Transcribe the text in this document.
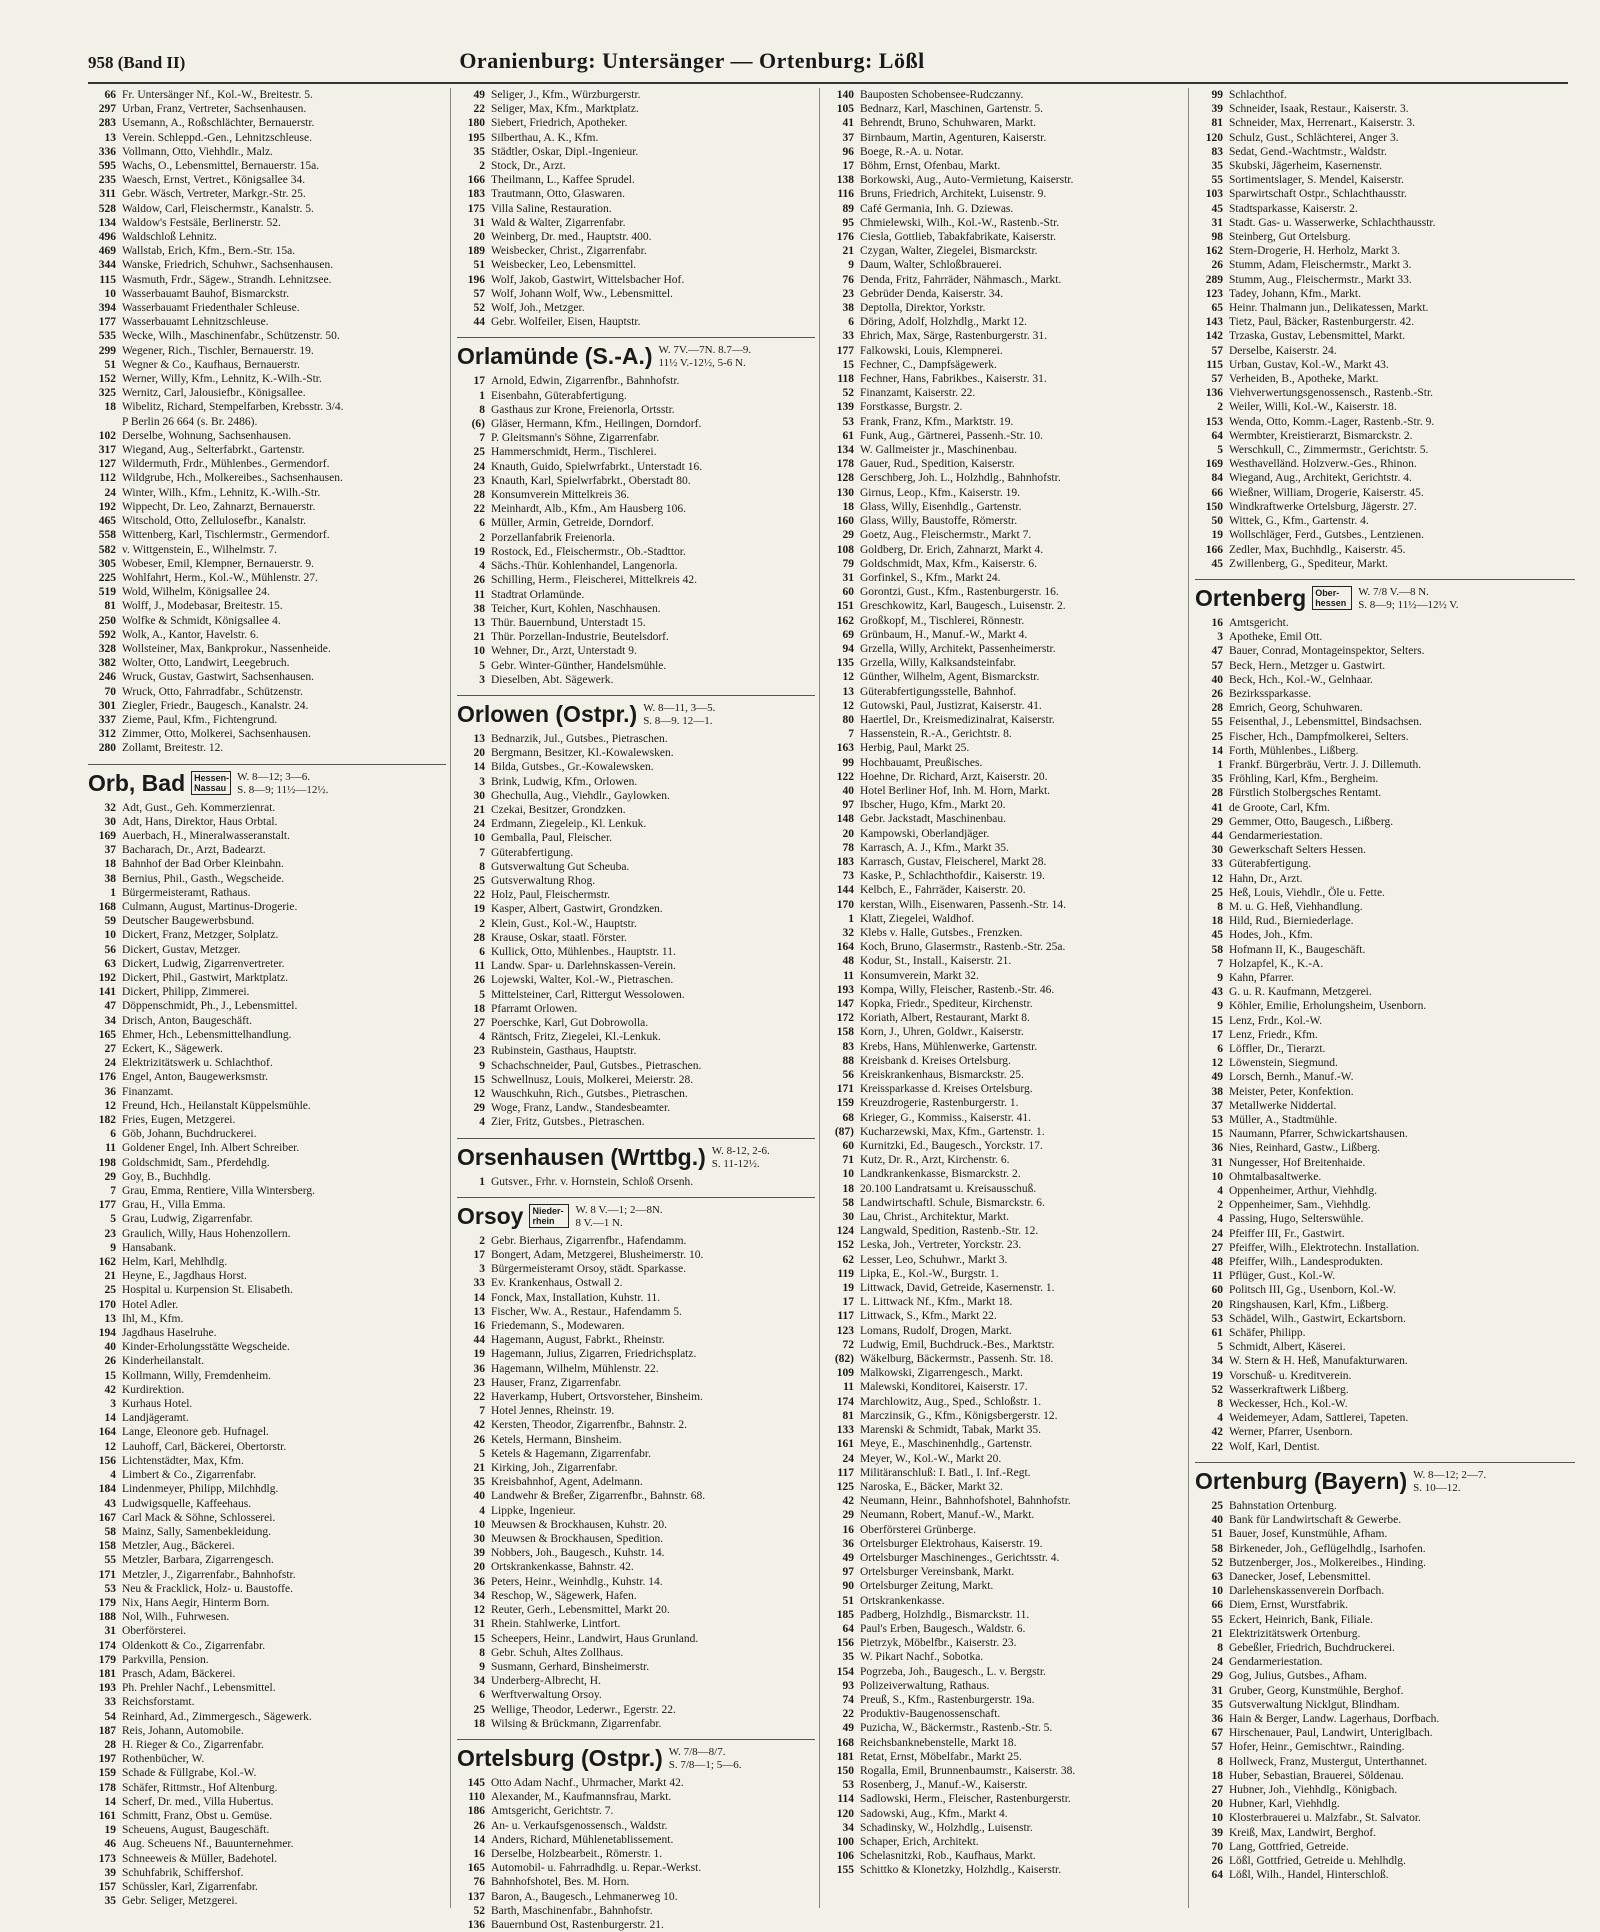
958 (Band II)	Oranienburg: Untersänger — Ortenburg: Lößl
66 Fr. Untersänger Nf., Kol.-W., Breitestr. 5.
297 Urban, Franz, Vertreter, Sachsenhausen.
283 Usemann, A., Roßschlächter, Bernauerstr.
13 Verein. Schleppd.-Gen., Lehnitzschleuse.
336 Vollmann, Otto, Viehhdlr., Malz.
595 Wachs, O., Lebensmittel, Bernauerstr. 15a.
235 Waesch, Ernst, Vertret., Königsallee 34.
311 Gebr. Wäsch, Vertreter, Markgr.-Str. 25.
528 Waldow, Carl, Fleischermstr., Kanalstr. 5.
134 Waldow's Festsäle, Berlinerstr. 52.
496 Waldschloß Lehnitz.
469 Wallstab, Erich, Kfm., Bern.-Str. 15a.
344 Wanske, Friedrich, Schuhwr., Sachsenhausen.
115 Wasmuth, Frdr., Sägew., Strandh. Lehnitzsee.
10 Wasserbauamt Bauhof, Bismarckstr.
394 Wasserbauamt Friedenthaler Schleuse.
177 Wasserbauamt Lehnitzschleuse.
535 Wecke, Wilh., Maschinenfabr., Schützenstr. 50.
299 Wegener, Rich., Tischler, Bernauerstr. 19.
51 Wegner & Co., Kaufhaus, Bernauerstr.
152 Werner, Willy, Kfm., Lehnitz, K.-Wilh.-Str.
325 Wernitz, Carl, Jalousiefbr., Königsallee.
18 Wibelitz, Richard, Stempelfarben, Krebsstr. 3/4.
P Berlin 26 664 (s. Br. 2486).
102 Derselbe, Wohnung, Sachsenhausen.
317 Wiegand, Aug., Selterfabrkt., Gartenstr.
127 Wildermuth, Frdr., Mühlenbes., Germendorf.
112 Wildgrube, Hch., Molkereibes., Sachsenhausen.
24 Winter, Wilh., Kfm., Lehnitz, K.-Wilh.-Str.
192 Wippecht, Dr. Leo, Zahnarzt, Bernauerstr.
465 Witschold, Otto, Zellulosefbr., Kanalstr.
558 Wittenberg, Karl, Tischlermstr., Germendorf.
582 v. Wittgenstein, E., Wilhelmstr. 7.
305 Wobeser, Emil, Klempner, Bernauerstr. 9.
225 Wohlfahrt, Herm., Kol.-W., Mühlenstr. 27.
519 Wold, Wilhelm, Königsallee 24.
81 Wolff, J., Modebasar, Breitestr. 15.
250 Wolfke & Schmidt, Königsallee 4.
592 Wolk, A., Kantor, Havelstr. 6.
328 Wollsteiner, Max, Bankprokur., Nassenheide.
382 Wolter, Otto, Landwirt, Leegebruch.
246 Wruck, Gustav, Gastwirt, Sachsenhausen.
70 Wruck, Otto, Fahrradfabr., Schützenstr.
301 Ziegler, Friedr., Baugesch., Kanalstr. 24.
337 Zieme, Paul, Kfm., Fichtengrund.
312 Zimmer, Otto, Molkerei, Sachsenhausen.
280 Zollamt, Breitestr. 12.
Orb, Bad	Hessen-Nassau
W. 8—12; 3—6.
S. 8—9; 11½—12½.
32 Adt, Gust., Geh. Kommerzienrat.
30 Adt, Hans, Direktor, Haus Orbtal.
169 Auerbach, H., Mineralwasseranstalt.
37 Bacharach, Dr., Arzt, Badearzt.
18 Bahnhof der Bad Orber Kleinbahn.
38 Bernius, Phil., Gasth., Wegscheide.
1 Bürgermeisteramt, Rathaus.
168 Culmann, August, Martinus-Drogerie.
59 Deutscher Baugewerbsbund.
10 Dickert, Franz, Metzger, Solplatz.
56 Dickert, Gustav, Metzger.
63 Dickert, Ludwig, Zigarrenvertreter.
192 Dickert, Phil., Gastwirt, Marktplatz.
141 Dickert, Philipp, Zimmerei.
47 Döppenschmidt, Ph., J., Lebensmittel.
34 Drisch, Anton, Baugeschäft.
165 Ehmer, Hch., Lebensmittelhandlung.
27 Eckert, K., Sägewerk.
24 Elektrizitätswerk u. Schlachthof.
176 Engel, Anton, Baugewerksmstr.
36 Finanzamt.
12 Freund, Hch., Heilanstalt Küppelsmühle.
182 Fries, Eugen, Metzgerei.
6 Göb, Johann, Buchdruckerei.
11 Goldener Engel, Inh. Albert Schreiber.
198 Goldschmidt, Sam., Pferdehdlg.
29 Goy, B., Buchhdlg.
7 Grau, Emma, Rentiere, Villa Wintersberg.
177 Grau, H., Villa Emma.
5 Grau, Ludwig, Zigarrenfabr.
23 Graulich, Willy, Haus Hohenzollern.
9 Hansabank.
162 Helm, Karl, Mehlhdlg.
21 Heyne, E., Jagdhaus Horst.
25 Hospital u. Kurpension St. Elisabeth.
170 Hotel Adler.
13 Ihl, M., Kfm.
194 Jagdhaus Haselruhe.
40 Kinder-Erholungsstätte Wegscheide.
26 Kinderheilanstalt.
15 Kollmann, Willy, Fremdenheim.
42 Kurdirektion.
3 Kurhaus Hotel.
14 Landjägeramt.
164 Lange, Eleonore geb. Hufnagel.
12 Lauhoff, Carl, Bäckerei, Obertorstr.
156 Lichtenstädter, Max, Kfm.
4 Limbert & Co., Zigarrenfabr.
184 Lindenmeyer, Philipp, Milchhdlg.
43 Ludwigsquelle, Kaffeehaus.
167 Carl Mack & Söhne, Schlosserei.
58 Mainz, Sally, Samenbekleidung.
158 Metzler, Aug., Bäckerei.
55 Metzler, Barbara, Zigarrengesch.
171 Metzler, J., Zigarrenfabr., Bahnhofstr.
53 Neu & Fracklick, Holz- u. Baustoffe.
179 Nix, Hans Aegir, Hinterm Born.
188 Nol, Wilh., Fuhrwesen.
31 Oberförsterei.
174 Oldenkott & Co., Zigarrenfabr.
179 Parkvilla, Pension.
181 Prasch, Adam, Bäckerei.
193 Ph. Prehler Nachf., Lebensmittel.
33 Reichsforstamt.
54 Reinhard, Ad., Zimmergesch., Sägewerk.
187 Reis, Johann, Automobile.
28 H. Rieger & Co., Zigarrenfabr.
197 Rothenbücher, W.
159 Schade & Füllgrabe, Kol.-W.
178 Schäfer, Rittmstr., Hof Altenburg.
14 Scherf, Dr. med., Villa Hubertus.
161 Schmitt, Franz, Obst u. Gemüse.
19 Scheuens, August, Baugeschäft.
46 Aug. Scheuens Nf., Bauunternehmer.
173 Schneeweis & Müller, Badehotel.
39 Schuhfabrik, Schiffershof.
157 Schüssler, Karl, Zigarrenfabr.
35 Gebr. Seliger, Metzgerei.
49 Seliger, J., Kfm., Würzburgerstr.
22 Seliger, Max, Kfm., Marktplatz.
180 Siebert, Friedrich, Apotheker.
195 Silberthau, A. K., Kfm.
35 Städtler, Oskar, Dipl.-Ingenieur.
2 Stock, Dr., Arzt.
166 Theilmann, L., Kaffee Sprudel.
183 Trautmann, Otto, Glaswaren.
175 Villa Saline, Restauration.
31 Wald & Walter, Zigarrenfabr.
20 Weinberg, Dr. med., Hauptstr. 400.
189 Weisbecker, Christ., Zigarrenfabr.
51 Weisbecker, Leo, Lebensmittel.
196 Wolf, Jakob, Gastwirt, Wittelsbacher Hof.
57 Wolf, Johann Wolf, Ww., Lebensmittel.
52 Wolf, Joh., Metzger.
44 Gebr. Wolfeiler, Eisen, Hauptstr.
Orlamünde (S.-A.) W. 7V.—7N. 8.7—9.
11½ V.-12½, 5-6 N.
17 Arnold, Edwin, Zigarrenfbr., Bahnhofstr.
1 Eisenbahn, Güterabfertigung.
8 Gasthaus zur Krone, Freienorla, Ortsstr.
(6) Gläser, Hermann, Kfm., Heilingen, Dorndorf.
7 P. Gleitsmann's Söhne, Zigarrenfabr.
25 Hammerschmidt, Herm., Tischlerei.
24 Knauth, Guido, Spielwrfabrkt., Unterstadt 16.
23 Knauth, Karl, Spielwrfabrkt., Oberstadt 80.
28 Konsumverein Mittelkreis 36.
22 Meinhardt, Alb., Kfm., Am Hausberg 106.
6 Müller, Armin, Getreide, Dorndorf.
2 Porzellanfabrik Freienorla.
19 Rostock, Ed., Fleischermstr., Ob.-Stadttor.
4 Sächs.-Thür. Kohlenhandel, Langenorla.
26 Schilling, Herm., Fleischerei, Mittelkreis 42.
11 Stadtrat Orlamünde.
38 Teicher, Kurt, Kohlen, Naschhausen.
13 Thür. Bauernbund, Unterstadt 15.
21 Thür. Porzellan-Industrie, Beutelsdorf.
10 Wehner, Dr., Arzt, Unterstadt 9.
5 Gebr. Winter-Günther, Handelsmühle.
3 Dieselben, Abt. Sägewerk.
Orlowen (Ostpr.) W. 8—11, 3—5.
S. 8—9. 12—1.
13 Bednarzik, Jul., Gutsbes., Pietraschen.
20 Bergmann, Besitzer, Kl.-Kowalewsken.
14 Bilda, Gutsbes., Gr.-Kowalewsken.
3 Brink, Ludwig, Kfm., Orlowen.
30 Ghechulla, Aug., Viehdlr., Gaylowken.
21 Czekai, Besitzer, Grondzken.
24 Erdmann, Ziegeleip., Kl. Lenkuk.
10 Gemballa, Paul, Fleischer.
7 Güterabfertigung.
8 Gutsverwaltung Gut Scheuba.
25 Gutsverwaltung Rhog.
22 Holz, Paul, Fleischermstr.
19 Kasper, Albert, Gastwirt, Grondzken.
2 Klein, Gust., Kol.-W., Hauptstr.
28 Krause, Oskar, staatl. Förster.
6 Kullick, Otto, Mühlenbes., Hauptstr. 11.
11 Landw. Spar- u. Darlehnskassen-Verein.
26 Lojewski, Walter, Kol.-W., Pietraschen.
5 Mittelsteiner, Carl, Rittergut Wessolowen.
18 Pfarramt Orlowen.
27 Poerschke, Karl, Gut Dobrowolla.
4 Räntsch, Fritz, Ziegelei, Kl.-Lenkuk.
23 Rubinstein, Gasthaus, Hauptstr.
9 Schachschneider, Paul, Gutsbes., Pietraschen.
15 Schwellnusz, Louis, Molkerei, Meierstr. 28.
12 Wauschkuhn, Rich., Gutsbes., Pietraschen.
29 Woge, Franz, Landw., Standesbeamter.
4 Zier, Fritz, Gutsbes., Pietraschen.
Orsenhausen (Wrttbg.) W. 8-12, 2-6.
S. 11-12½.
1 Gutsver., Frhr. v. Hornstein, Schloß Orsenh.
Orsoy	Nieder-rhein
W. 8 V.—1; 2—8N.
8 V.—1 N.
2 Gebr. Bierhaus, Zigarrenfbr., Hafendamm.
17 Bongert, Adam, Metzgerei, Blusheimerstr. 10.
3 Bürgermeisteramt Orsoy, städt. Sparkasse.
33 Ev. Krankenhaus, Ostwall 2.
14 Fonck, Max, Installation, Kuhstr. 11.
13 Fischer, Ww. A., Restaur., Hafendamm 5.
16 Friedemann, S., Modewaren.
44 Hagemann, August, Fabrkt., Rheinstr.
19 Hagemann, Julius, Zigarren, Friedrichsplatz.
36 Hagemann, Wilhelm, Mühlenstr. 22.
23 Hauser, Franz, Zigarrenfabr.
22 Haverkamp, Hubert, Ortsvorsteher, Binsheim.
7 Hotel Jennes, Rheinstr. 19.
42 Kersten, Theodor, Zigarrenfbr., Bahnstr. 2.
26 Ketels, Hermann, Binsheim.
5 Ketels & Hagemann, Zigarrenfabr.
21 Kirking, Joh., Zigarrenfabr.
35 Kreisbahnhof, Agent, Adelmann.
40 Landwehr & Breßer, Zigarrenfbr., Bahnstr. 68.
4 Lippke, Ingenieur.
10 Meuwsen & Brockhausen, Kuhstr. 20.
30 Meuwsen & Brockhausen, Spedition.
39 Nobbers, Joh., Baugesch., Kuhstr. 14.
20 Ortskrankenkasse, Bahnstr. 42.
36 Peters, Heinr., Weinhdlg., Kuhstr. 14.
34 Reschop, W., Sägewerk, Hafen.
12 Reuter, Gerh., Lebensmittel, Markt 20.
31 Rhein. Stahlwerke, Lintfort.
15 Scheepers, Heinr., Landwirt, Haus Grunland.
8 Gebr. Schuh, Altes Zollhaus.
9 Susmann, Gerhard, Binsheimerstr.
34 Underberg-Albrecht, H.
6 Werftverwaltung Orsoy.
25 Wellige, Theodor, Lederwr., Egerstr. 22.
18 Wilsing & Brückmann, Zigarrenfabr.
Ortelsburg (Ostpr.) W. 7/8—8/7.
S. 7/8—1; 5—6.
145 Otto Adam Nachf., Uhrmacher, Markt 42.
110 Alexander, M., Kaufmannsfrau, Markt.
186 Amtsgericht, Gerichtstr. 7.
26 An- u. Verkaufsgenossensch., Waldstr.
14 Anders, Richard, Mühlenetablissement.
16 Derselbe, Holzbearbeit., Römerstr. 1.
165 Automobil- u. Fahrradhdlg. u. Repar.-Werkst.
76 Bahnhofshotel, Bes. M. Horn.
137 Baron, A., Baugesch., Lehmanerweg 10.
52 Barth, Maschinenfabr., Bahnhofstr.
136 Bauernbund Ost, Rastenburgerstr. 21.
140 Bauposten Schobensee-Rudczanny.
105 Bednarz, Karl, Maschinen, Gartenstr. 5.
41 Behrendt, Bruno, Schuhwaren, Markt.
37 Birnbaum, Martin, Agenturen, Kaiserstr.
96 Boege, R.-A. u. Notar.
17 Böhm, Ernst, Ofenbau, Markt.
138 Borkowski, Aug., Auto-Vermietung, Kaiserstr.
116 Bruns, Friedrich, Architekt, Luisenstr. 9.
89 Café Germania, Inh. G. Dziewas.
95 Chmielewski, Wilh., Kol.-W., Rastenb.-Str.
176 Ciesla, Gottlieb, Tabakfabrikate, Kaiserstr.
21 Czygan, Walter, Ziegelei, Bismarckstr.
9 Daum, Walter, Schloßbrauerei.
76 Denda, Fritz, Fahrräder, Nähmasch., Markt.
23 Gebrüder Denda, Kaiserstr. 34.
38 Deptolla, Direktor, Yorkstr.
6 Döring, Adolf, Holzhdlg., Markt 12.
33 Ehrich, Max, Särge, Rastenburgerstr. 31.
177 Falkowski, Louis, Klempnerei.
15 Fechner, C., Dampfsägewerk.
118 Fechner, Hans, Fabrikbes., Kaiserstr. 31.
52 Finanzamt, Kaiserstr. 22.
139 Forstkasse, Burgstr. 2.
53 Frank, Franz, Kfm., Marktstr. 19.
61 Funk, Aug., Gärtnerei, Passenh.-Str. 10.
134 W. Gallmeister jr., Maschinenbau.
178 Gauer, Rud., Spedition, Kaiserstr.
128 Gerschberg, Joh. L., Holzhdlg., Bahnhofstr.
130 Girnus, Leop., Kfm., Kaiserstr. 19.
18 Glass, Willy, Eisenhdlg., Gartenstr.
160 Glass, Willy, Baustoffe, Römerstr.
29 Goetz, Aug., Fleischermstr., Markt 7.
108 Goldberg, Dr. Erich, Zahnarzt, Markt 4.
79 Goldschmidt, Max, Kfm., Kaiserstr. 6.
31 Gorfinkel, S., Kfm., Markt 24.
60 Gorontzi, Gust., Kfm., Rastenburgerstr. 16.
151 Greschkowitz, Karl, Baugesch., Luisenstr. 2.
162 Großkopf, M., Tischlerei, Rönnestr.
69 Grünbaum, H., Manuf.-W., Markt 4.
94 Grzella, Willy, Architekt, Passenheimerstr.
135 Grzella, Willy, Kalksandsteinfabr.
12 Günther, Wilhelm, Agent, Bismarckstr.
13 Güterabfertigungsstelle, Bahnhof.
12 Gutowski, Paul, Justizrat, Kaiserstr. 41.
80 Haertlel, Dr., Kreismedizinalrat, Kaiserstr.
7 Hassenstein, R.-A., Gerichtstr. 8.
163 Herbig, Paul, Markt 25.
99 Hochbauamt, Preußisches.
122 Hoehne, Dr. Richard, Arzt, Kaiserstr. 20.
40 Hotel Berliner Hof, Inh. M. Horn, Markt.
97 Ibscher, Hugo, Kfm., Markt 20.
148 Gebr. Jackstadt, Maschinenbau.
20 Kampowski, Oberlandjäger.
78 Karrasch, A. J., Kfm., Markt 35.
183 Karrasch, Gustav, Fleischerel, Markt 28.
73 Kaske, P., Schlachthofdir., Kaiserstr. 19.
144 Kelbch, E., Fahrräder, Kaiserstr. 20.
170 kerstan, Wilh., Eisenwaren, Passenh.-Str. 14.
1 Klatt, Ziegelei, Waldhof.
32 Klebs v. Halle, Gutsbes., Frenzken.
164 Koch, Bruno, Glasermstr., Rastenb.-Str. 25a.
48 Kodur, St., Install., Kaiserstr. 21.
11 Konsumverein, Markt 32.
193 Kompa, Willy, Fleischer, Rastenb.-Str. 46.
147 Kopka, Friedr., Spediteur, Kirchenstr.
172 Koriath, Albert, Restaurant, Markt 8.
158 Korn, J., Uhren, Goldwr., Kaiserstr.
83 Krebs, Hans, Mühlenwerke, Gartenstr.
88 Kreisbank d. Kreises Ortelsburg.
56 Kreiskrankenhaus, Bismarckstr. 25.
171 Kreissparkasse d. Kreises Ortelsburg.
159 Kreuzdrogerie, Rastenburgerstr. 1.
68 Krieger, G., Kommiss., Kaiserstr. 41.
(87) Kucharzewski, Max, Kfm., Gartenstr. 1.
60 Kurnitzki, Ed., Baugesch., Yorckstr. 17.
71 Kutz, Dr. R., Arzt, Kirchenstr. 6.
10 Landkrankenkasse, Bismarckstr. 2.
18 20.100 Landratsamt u. Kreisausschuß.
58 Landwirtschaftl. Schule, Bismarckstr. 6.
30 Lau, Christ., Architektur, Markt.
124 Langwald, Spedition, Rastenb.-Str. 12.
152 Leska, Joh., Vertreter, Yorckstr. 23.
62 Lesser, Leo, Schuhwr., Markt 3.
119 Lipka, E., Kol.-W., Burgstr. 1.
19 Littwack, David, Getreide, Kasernenstr. 1.
17 L. Littwack Nf., Kfm., Markt 18.
117 Littwack, S., Kfm., Markt 22.
123 Lomans, Rudolf, Drogen, Markt.
72 Ludwig, Emil, Buchdruck.-Bes., Marktstr.
(82) Wäkelburg, Bäckermstr., Passenh. Str. 18.
109 Malkowski, Zigarrengesch., Markt.
11 Malewski, Konditorei, Kaiserstr. 17.
174 Marchlowitz, Aug., Sped., Schloßstr. 1.
81 Marczinsik, G., Kfm., Königsbergerstr. 12.
133 Marenski & Schmidt, Tabak, Markt 35.
161 Meye, E., Maschinenhdlg., Gartenstr.
24 Meyer, W., Kol.-W., Markt 20.
117 Militäranschluß: I. Batl., I. Inf.-Regt.
125 Naroska, E., Bäcker, Markt 32.
42 Neumann, Heinr., Bahnhofshotel, Bahnhofstr.
29 Neumann, Robert, Manuf.-W., Markt.
16 Oberförsterei Grünberge.
36 Ortelsburger Elektrohaus, Kaiserstr. 19.
49 Ortelsburger Maschinenges., Gerichtsstr. 4.
97 Ortelsburger Vereinsbank, Markt.
90 Ortelsburger Zeitung, Markt.
51 Ortskrankenkasse.
185 Padberg, Holzhdlg., Bismarckstr. 11.
64 Paul's Erben, Baugesch., Waldstr. 6.
156 Pietrzyk, Möbelfbr., Kaiserstr. 23.
35 W. Pikart Nachf., Sobotka.
154 Pogrzeba, Joh., Baugesch., L. v. Bergstr.
93 Polizeiverwaltung, Rathaus.
74 Preuß, S., Kfm., Rastenburgerstr. 19a.
22 Produktiv-Baugenossenschaft.
49 Puzicha, W., Bäckermstr., Rastenb.-Str. 5.
168 Reichsbanknebenstelle, Markt 18.
181 Retat, Ernst, Möbelfabr., Markt 25.
150 Rogalla, Emil, Brunnenbaumstr., Kaiserstr. 38.
53 Rosenberg, J., Manuf.-W., Kaiserstr.
114 Sadlowski, Herm., Fleischer, Rastenburgerstr.
120 Sadowski, Aug., Kfm., Markt 4.
34 Schadinsky, W., Holzhdlg., Luisenstr.
100 Schaper, Erich, Architekt.
106 Schelasnitzki, Rob., Kaufhaus, Markt.
155 Schittko & Klonetzky, Holzhdlg., Kaiserstr.
99 Schlachthof.
39 Schneider, Isaak, Restaur., Kaiserstr. 3.
81 Schneider, Max, Herrenart., Kaiserstr. 3.
120 Schulz, Gust., Schlächterei, Anger 3.
83 Sedat, Gend.-Wachtmstr., Waldstr.
35 Skubski, Jägerheim, Kasernenstr.
55 Sortimentslager, S. Mendel, Kaiserstr.
103 Sparwirtschaft Ostpr., Schlachthausstr.
45 Stadtsparkasse, Kaiserstr. 2.
31 Stadt. Gas- u. Wasserwerke, Schlachthausstr.
98 Steinberg, Gut Ortelsburg.
162 Stern-Drogerie, H. Herholz, Markt 3.
26 Stumm, Adam, Fleischermstr., Markt 3.
289 Stumm, Aug., Fleischermstr., Markt 33.
123 Tadey, Johann, Kfm., Markt.
65 Heinr. Thalmann jun., Delikatessen, Markt.
143 Tietz, Paul, Bäcker, Rastenburgerstr. 42.
142 Trzaska, Gustav, Lebensmittel, Markt.
57 Derselbe, Kaiserstr. 24.
115 Urban, Gustav, Kol.-W., Markt 43.
57 Verheiden, B., Apotheke, Markt.
136 Viehverwertungsgenossensch., Rastenb.-Str.
2 Weiler, Willi, Kol.-W., Kaiserstr. 18.
153 Wenda, Otto, Komm.-Lager, Rastenb.-Str. 9.
64 Wermbter, Kreistierarzt, Bismarckstr. 2.
5 Werschkull, C., Zimmermstr., Gerichtstr. 5.
169 Westhavelländ. Holzverw.-Ges., Rhinon.
84 Wiegand, Aug., Architekt, Gerichtstr. 4.
66 Wießner, William, Drogerie, Kaiserstr. 45.
150 Windkraftwerke Ortelsburg, Jägerstr. 27.
50 Wittek, G., Kfm., Gartenstr. 4.
19 Wollschläger, Ferd., Gutsbes., Lentzienen.
166 Zedler, Max, Buchhdlg., Kaiserstr. 45.
45 Zwillenberg, G., Spediteur, Markt.
Ortenberg	Ober-hessen
W. 7/8 V.—8 N.
S. 8—9; 11½—12½ V.
16 Amtsgericht.
3 Apotheke, Emil Ott.
47 Bauer, Conrad, Montageinspektor, Selters.
57 Beck, Hern., Metzger u. Gastwirt.
40 Beck, Hch., Kol.-W., Gelnhaar.
26 Bezirkssparkasse.
28 Emrich, Georg, Schuhwaren.
55 Feisenthal, J., Lebensmittel, Bindsachsen.
25 Fischer, Hch., Dampfmolkerei, Selters.
14 Forth, Mühlenbes., Lißberg.
1 Frankf. Bürgerbräu, Vertr. J. J. Dillemuth.
35 Fröhling, Karl, Kfm., Bergheim.
28 Fürstlich Stolbergsches Rentamt.
41 de Groote, Carl, Kfm.
29 Gemmer, Otto, Baugesch., Lißberg.
44 Gendarmeriestation.
30 Gewerkschaft Selters Hessen.
33 Güterabfertigung.
12 Hahn, Dr., Arzt.
25 Heß, Louis, Viehdlr., Öle u. Fette.
8 M. u. G. Heß, Viehhandlung.
18 Hild, Rud., Bierniederlage.
45 Hodes, Joh., Kfm.
58 Hofmann II, K., Baugeschäft.
7 Holzapfel, K., K.-A.
9 Kahn, Pfarrer.
43 G. u. R. Kaufmann, Metzgerei.
9 Köhler, Emilie, Erholungsheim, Usenborn.
15 Lenz, Frdr., Kol.-W.
17 Lenz, Friedr., Kfm.
6 Löffler, Dr., Tierarzt.
12 Löwenstein, Siegmund.
49 Lorsch, Bernh., Manuf.-W.
38 Meister, Peter, Konfektion.
37 Metallwerke Niddertal.
53 Müller, A., Stadtmühle.
15 Naumann, Pfarrer, Schwickartshausen.
36 Nies, Reinhard, Gastw., Lißberg.
31 Nungesser, Hof Breitenhaide.
10 Ohmtalbasaltwerke.
4 Oppenheimer, Arthur, Viehhdlg.
2 Oppenheimer, Sam., Viehhdlg.
4 Passing, Hugo, Selterswühle.
24 Pfeiffer III, Fr., Gastwirt.
27 Pfeiffer, Wilh., Elektrotechn. Installation.
48 Pfeiffer, Wilh., Landesprodukten.
11 Pflüger, Gust., Kol.-W.
60 Politsch III, Gg., Usenborn, Kol.-W.
20 Ringshausen, Karl, Kfm., Lißberg.
53 Schädel, Wilh., Gastwirt, Eckartsborn.
61 Schäfer, Philipp.
5 Schmidt, Albert, Käserei.
34 W. Stern & H. Heß, Manufakturwaren.
19 Vorschuß- u. Kreditverein.
52 Wasserkraftwerk Lißberg.
8 Weckesser, Hch., Kol.-W.
4 Weidemeyer, Adam, Sattlerei, Tapeten.
42 Werner, Pfarrer, Usenborn.
22 Wolf, Karl, Dentist.
Ortenburg (Bayern) W. 8—12; 2—7.
S. 10—12.
25 Bahnstation Ortenburg.
40 Bank für Landwirtschaft & Gewerbe.
51 Bauer, Josef, Kunstmühle, Afham.
58 Birkeneder, Joh., Geflügelhdlg., Isarhofen.
52 Butzenberger, Jos., Molkereibes., Hinding.
63 Danecker, Josef, Lebensmittel.
10 Darlehenskassenverein Dorfbach.
66 Diem, Ernst, Wurstfabrik.
55 Eckert, Heinrich, Bank, Filiale.
21 Elektrizitätswerk Ortenburg.
8 Gebeßler, Friedrich, Buchdruckerei.
24 Gendarmeriestation.
29 Gog, Julius, Gutsbes., Afham.
31 Gruber, Georg, Kunstmühle, Berghof.
35 Gutsverwaltung Nicklgut, Blindham.
36 Hain & Berger, Landw. Lagerhaus, Dorfbach.
67 Hirschenauer, Paul, Landwirt, Unteriglbach.
57 Hofer, Heinr., Gemischtwr., Rainding.
8 Hollweck, Franz, Mustergut, Unterthannet.
18 Huber, Sebastian, Brauerei, Söldenau.
27 Hubner, Joh., Viehhdlg., Königbach.
20 Hubner, Karl, Viehhdlg.
10 Klosterbrauerei u. Malzfabr., St. Salvator.
39 Kreiß, Max, Landwirt, Berghof.
70 Lang, Gottfried, Getreide.
26 Lößl, Gottfried, Getreide u. Mehlhdlg.
64 Lößl, Wilh., Handel, Hinterschloß.
